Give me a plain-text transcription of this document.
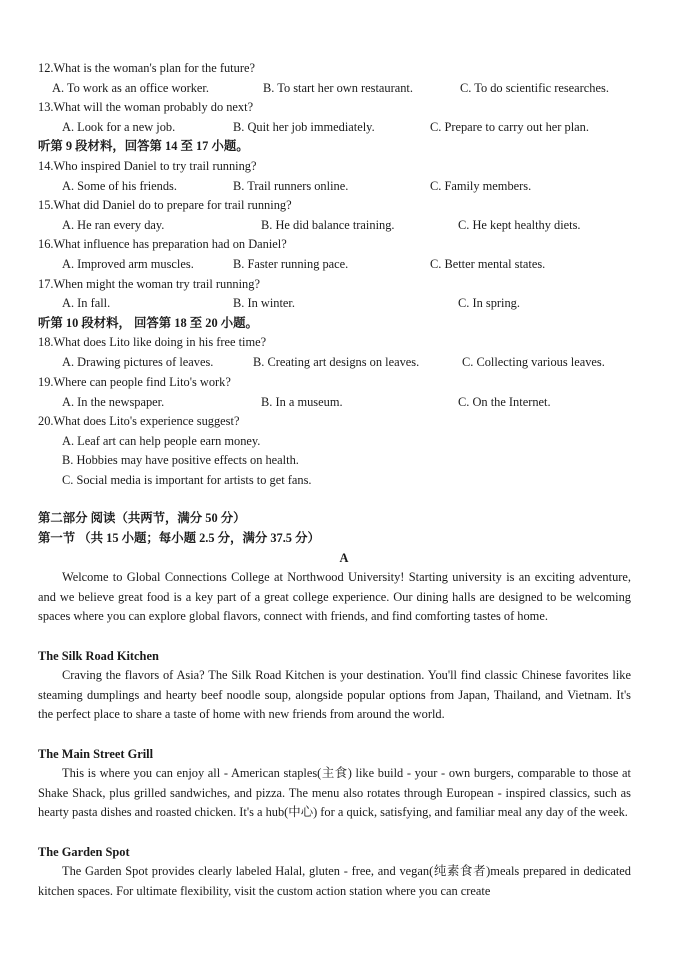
12.What is the woman's plan for the future?
A. To work as an office worker.	B. To start her own restaurant.	C. To do scientific researches.
13.What will the woman probably do next?
A. Look for a new job.	B. Quit her job immediately.	C. Prepare to carry out her plan.
听第 9 段材料，回答第 14 至 17 小题。
14.Who inspired Daniel to try trail running?
A. Some of his friends.	B. Trail runners online.	C. Family members.
15.What did Daniel do to prepare for trail running?
A. He ran every day.	B. He did balance training.	C. He kept healthy diets.
16.What influence has preparation had on Daniel?
A. Improved arm muscles.	B. Faster running pace.	C. Better mental states.
17.When might the woman try trail running?
A. In fall.	B. In winter.	C. In spring.
听第 10 段材料， 回答第 18 至 20 小题。
18.What does Lito like doing in his free time?
A. Drawing pictures of leaves.	B. Creating art designs on leaves.	C. Collecting various leaves.
19.Where can people find Lito's work?
A. In the newspaper.	B. In a museum.	C. On the Internet.
20.What does Lito's experience suggest?
A. Leaf art can help people earn money.
B. Hobbies may have positive effects on health.
C. Social media is important for artists to get fans.
第二部分 阅读（共两节，满分 50 分）
第一节 （共 15 小题；每小题 2.5 分，满分 37.5 分）
A
Welcome to Global Connections College at Northwood University! Starting university is an exciting adventure, and we believe great food is a key part of a great college experience. Our dining halls are designed to be welcoming spaces where you can explore global flavors, connect with friends, and find comforting tastes of home.
The Silk Road Kitchen
Craving the flavors of Asia? The Silk Road Kitchen is your destination. You'll find classic Chinese favorites like steaming dumplings and hearty beef noodle soup, alongside popular options from Japan, Thailand, and Vietnam. It's the perfect place to share a taste of home with new friends from around the world.
The Main Street Grill
This is where you can enjoy all - American staples(主食) like build - your - own burgers, comparable to those at Shake Shack, plus grilled sandwiches, and pizza. The menu also rotates through European - inspired classics, such as hearty pasta dishes and roasted chicken. It's a hub(中心) for a quick, satisfying, and familiar meal any day of the week.
The Garden Spot
The Garden Spot provides clearly labeled Halal, gluten - free, and vegan(纯素食者)meals prepared in dedicated kitchen spaces. For ultimate flexibility, visit the custom action station where you can create
